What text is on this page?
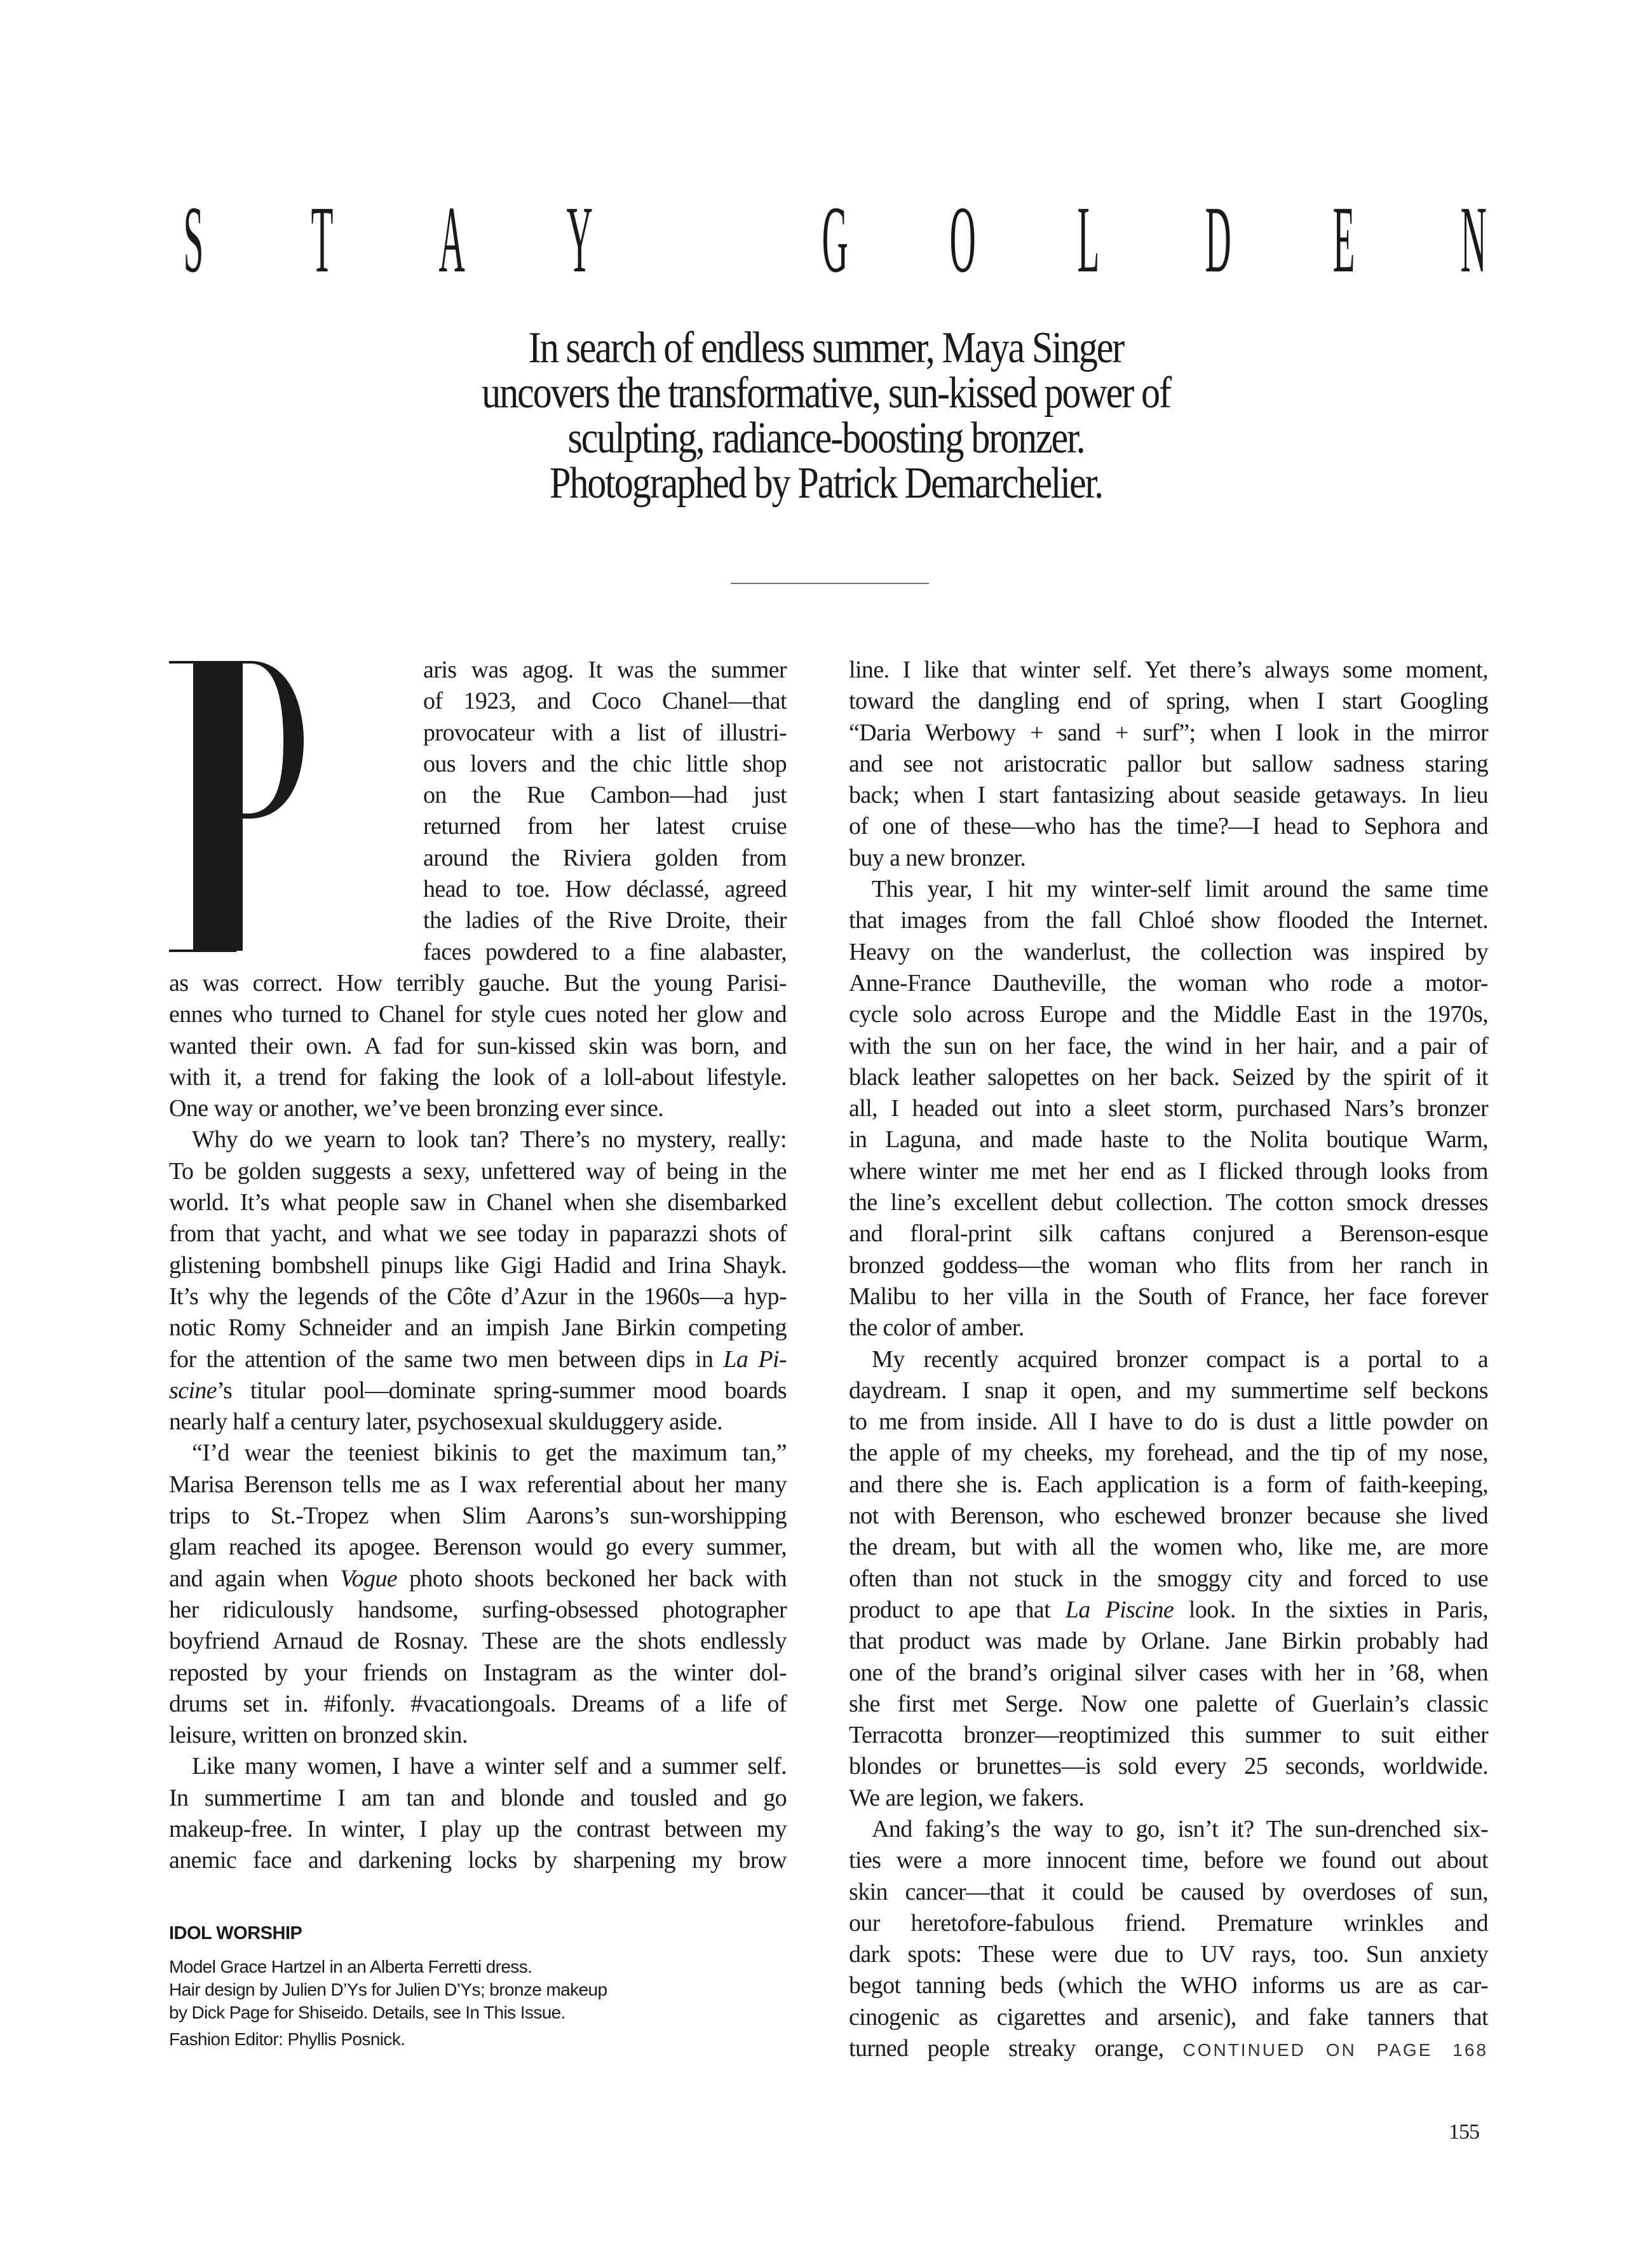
S T A Y G O L D E N
In search of endless summer, Maya Singer
uncovers the transformative, sun-kissed power of
sculpting, radiance-boosting bronzer.
Photographed by Patrick Demarchelier.
aris was agog. It was the summer
of 1923, and Coco Chanel—that
provocateur with a list of illustri-
ous lovers and the chic little shop
on the Rue Cambon—had just
returned from her latest cruise
around the Riviera golden from
head to toe. How déclassé, agreed
the ladies of the Rive Droite, their
faces powdered to a fine alabaster,
as was correct. How terribly gauche. But the young Parisi-
ennes who turned to Chanel for style cues noted her glow and
wanted their own. A fad for sun-kissed skin was born, and
with it, a trend for faking the look of a loll-about lifestyle.
One way or another, we’ve been bronzing ever since.
Why do we yearn to look tan? There’s no mystery, really:
To be golden suggests a sexy, unfettered way of being in the
world. It’s what people saw in Chanel when she disembarked
from that yacht, and what we see today in paparazzi shots of
glistening bombshell pinups like Gigi Hadid and Irina Shayk.
It’s why the legends of the Côte d’Azur in the 1960s—a hyp-
notic Romy Schneider and an impish Jane Birkin competing
for the attention of the same two men between dips in La Pi-
scine’s titular pool—dominate spring-summer mood boards
nearly half a century later, psychosexual skulduggery aside.
“I’d wear the teeniest bikinis to get the maximum tan,”
Marisa Berenson tells me as I wax referential about her many
trips to St.-Tropez when Slim Aarons’s sun-worshipping
glam reached its apogee. Berenson would go every summer,
and again when Vogue photo shoots beckoned her back with
her ridiculously handsome, surfing-obsessed photographer
boyfriend Arnaud de Rosnay. These are the shots endlessly
reposted by your friends on Instagram as the winter dol-
drums set in. #ifonly. #vacationgoals. Dreams of a life of
leisure, written on bronzed skin.
Like many women, I have a winter self and a summer self.
In summertime I am tan and blonde and tousled and go
makeup-free. In winter, I play up the contrast between my
anemic face and darkening locks by sharpening my brow
line. I like that winter self. Yet there’s always some moment,
toward the dangling end of spring, when I start Googling
“Daria Werbowy + sand + surf”; when I look in the mirror
and see not aristocratic pallor but sallow sadness staring
back; when I start fantasizing about seaside getaways. In lieu
of one of these—who has the time?—I head to Sephora and
buy a new bronzer.
This year, I hit my winter-self limit around the same time
that images from the fall Chloé show flooded the Internet.
Heavy on the wanderlust, the collection was inspired by
Anne-France Dautheville, the woman who rode a motor-
cycle solo across Europe and the Middle East in the 1970s,
with the sun on her face, the wind in her hair, and a pair of
black leather salopettes on her back. Seized by the spirit of it
all, I headed out into a sleet storm, purchased Nars’s bronzer
in Laguna, and made haste to the Nolita boutique Warm,
where winter me met her end as I flicked through looks from
the line’s excellent debut collection. The cotton smock dresses
and floral-print silk caftans conjured a Berenson-esque
bronzed goddess—the woman who flits from her ranch in
Malibu to her villa in the South of France, her face forever
the color of amber.
My recently acquired bronzer compact is a portal to a
daydream. I snap it open, and my summertime self beckons
to me from inside. All I have to do is dust a little powder on
the apple of my cheeks, my forehead, and the tip of my nose,
and there she is. Each application is a form of faith-keeping,
not with Berenson, who eschewed bronzer because she lived
the dream, but with all the women who, like me, are more
often than not stuck in the smoggy city and forced to use
product to ape that La Piscine look. In the sixties in Paris,
that product was made by Orlane. Jane Birkin probably had
one of the brand’s original silver cases with her in ’68, when
she first met Serge. Now one palette of Guerlain’s classic
Terracotta bronzer—reoptimized this summer to suit either
blondes or brunettes—is sold every 25 seconds, worldwide.
We are legion, we fakers.
And faking’s the way to go, isn’t it? The sun-drenched six-
ties were a more innocent time, before we found out about
skin cancer—that it could be caused by overdoses of sun,
our heretofore-fabulous friend. Premature wrinkles and
dark spots: These were due to UV rays, too. Sun anxiety
begot tanning beds (which the WHO informs us are as car-
cinogenic as cigarettes and arsenic), and fake tanners that
turned people streaky orange, CONTINUED ON PAGE 168
IDOL WORSHIP
Model Grace Hartzel in an Alberta Ferretti dress.
Hair design by Julien D’Ys for Julien D’Ys; bronze makeup
by Dick Page for Shiseido. Details, see In This Issue.
Fashion Editor: Phyllis Posnick.
155
